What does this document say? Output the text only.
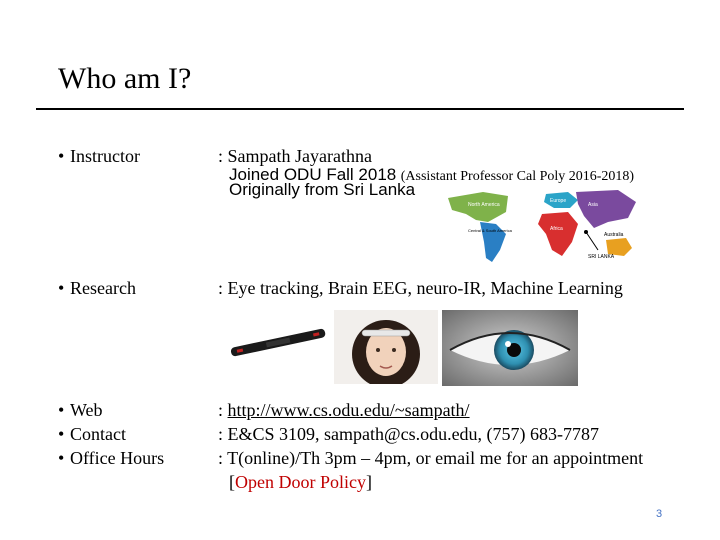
Who am I?
• Instructor	: Sampath Jayarathna
Joined ODU Fall 2018 (Assistant Professor Cal Poly 2016-2018)
Originally from Sri Lanka
North America
Europe
Asia
Africa
Central & South America
Australia
SRI LANKA
• Research	: Eye tracking, Brain EEG, neuro-IR, Machine Learning
• Web
• Contact
• Office Hours
: http://www.cs.odu.edu/~sampath/
: E&CS 3109, sampath@cs.odu.edu, (757) 683-7787
: T(online)/Th 3pm – 4pm, or email me for an appointment
[Open Door Policy]
3
